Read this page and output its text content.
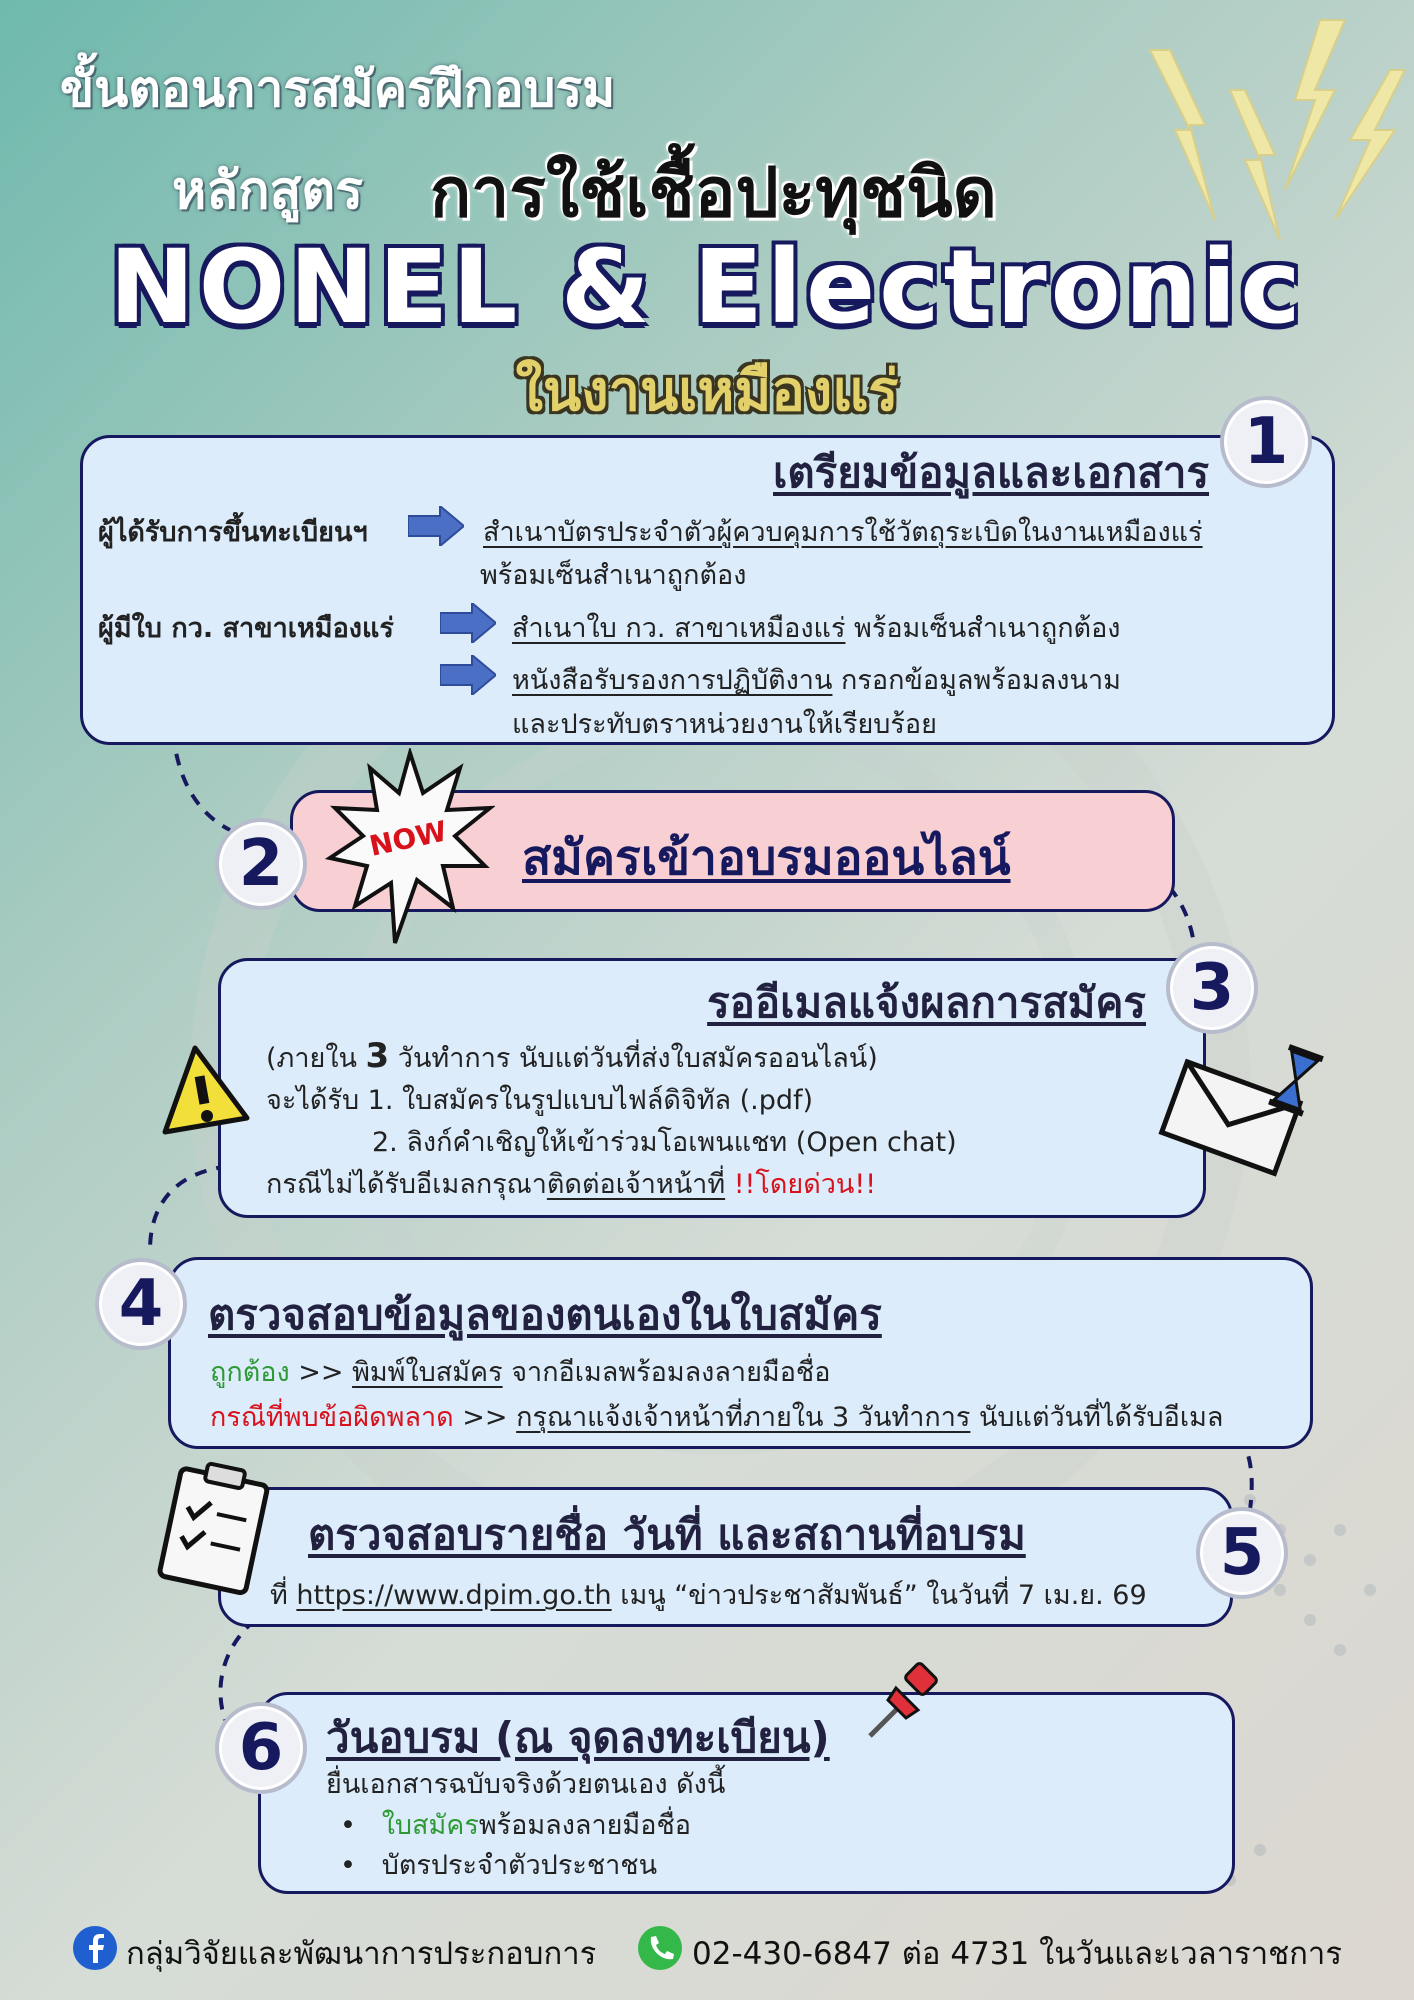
ขั้นตอนการสมัครฝึกอบรม
หลักสูตร การใช้เชื้อปะทุชนิด
NONEL & Electronic
ในงานเหมืองแร่
1
เตรียมข้อมูลและเอกสาร
ผู้ได้รับการขึ้นทะเบียนฯ	สำเนาบัตรประจำตัวผู้ควบคุมการใช้วัตถุระเบิดในงานเหมืองแร่
พร้อมเซ็นสำเนาถูกต้อง
ผู้มีใบ กว. สาขาเหมืองแร่	สำเนาใบ กว. สาขาเหมืองแร่ พร้อมเซ็นสำเนาถูกต้อง
หนังสือรับรองการปฏิบัติงาน กรอกข้อมูลพร้อมลงนาม
และประทับตราหน่วยงานให้เรียบร้อย
2	NOW สมัครเข้าอบรมออนไลน์
3
รออีเมลแจ้งผลการสมัคร
(ภายใน 3 วันทำการ นับแต่วันที่ส่งใบสมัครออนไลน์)
จะได้รับ 1. ใบสมัครในรูปแบบไฟล์ดิจิทัล (.pdf)
2. ลิงก์คำเชิญให้เข้าร่วมโอเพนแชท (Open chat)
กรณีไม่ได้รับอีเมลกรุณาติดต่อเจ้าหน้าที่ !!โดยด่วน!!
4	ตรวจสอบข้อมูลของตนเองในใบสมัคร
ถูกต้อง >> พิมพ์ใบสมัคร จากอีเมลพร้อมลงลายมือชื่อ
กรณีที่พบข้อผิดพลาด >> กรุณาแจ้งเจ้าหน้าที่ภายใน 3 วันทำการ นับแต่วันที่ได้รับอีเมล
5
ตรวจสอบรายชื่อ วันที่ และสถานที่อบรม
ที่ https://www.dpim.go.th เมนู “ข่าวประชาสัมพันธ์” ในวันที่ 7 เม.ย. 69
6	วันอบรม (ณ จุดลงทะเบียน)
ยื่นเอกสารฉบับจริงด้วยตนเอง ดังนี้
•   ใบสมัครพร้อมลงลายมือชื่อ
•   บัตรประจำตัวประชาชน
กลุ่มวิจัยและพัฒนาการประกอบการ	02-430-6847 ต่อ 4731 ในวันและเวลาราชการ
